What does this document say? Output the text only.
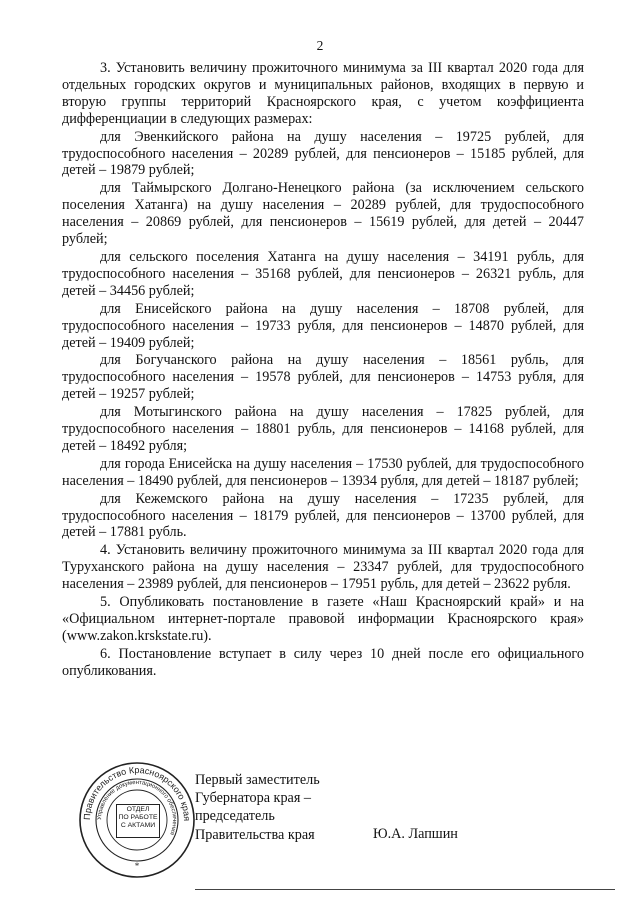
2

3. Установить величину прожиточного минимума за III квартал 2020 года для отдельных городских округов и муниципальных районов, входящих в первую и вторую группы территорий Красноярского края, с учетом коэффициента дифференциации в следующих размерах:

для Эвенкийского района на душу населения – 19725 рублей, для трудоспособного населения – 20289 рублей, для пенсионеров – 15185 рублей, для детей – 19879 рублей;

для Таймырского Долгано-Ненецкого района (за исключением сельского поселения Хатанга) на душу населения – 20289 рублей, для трудоспособного населения – 20869 рублей, для пенсионеров – 15619 рублей, для детей – 20447 рублей;

для сельского поселения Хатанга на душу населения – 34191 рубль, для трудоспособного населения – 35168 рублей, для пенсионеров – 26321 рубль, для детей – 34456 рублей;

для Енисейского района на душу населения – 18708 рублей, для трудоспособного населения – 19733 рубля, для пенсионеров – 14870 рублей, для детей – 19409 рублей;

для Богучанского района на душу населения – 18561 рубль, для трудоспособного населения – 19578 рублей, для пенсионеров – 14753 рубля, для детей – 19257 рублей;

для Мотыгинского района на душу населения – 17825 рублей, для трудоспособного населения – 18801 рубль, для пенсионеров – 14168 рублей, для детей – 18492 рубля;

для города Енисейска на душу населения – 17530 рублей, для трудоспособного населения – 18490 рублей, для пенсионеров – 13934 рубля, для детей – 18187 рублей;

для Кежемского района на душу населения – 17235 рублей, для трудоспособного населения – 18179 рублей, для пенсионеров – 13700 рублей, для детей – 17881 рубль.

4. Установить величину прожиточного минимума за III квартал 2020 года для Туруханского района на душу населения – 23347 рублей, для трудоспособного населения – 23989 рублей, для пенсионеров – 17951 рубль, для детей – 23622 рубля.

5. Опубликовать постановление в газете «Наш Красноярский край» и на «Официальном интернет-портале правовой информации Красноярского края» (www.zakon.krskstate.ru).

6. Постановление вступает в силу через 10 дней после его официального опубликования.

Правительство Красноярского края
Управление документационного обеспечения
*
ОТДЕЛ
ПО РАБОТЕ
С АКТАМИ
Первый заместитель
Губернатора края –
председатель
Правительства края	Ю.А. Лапшин
